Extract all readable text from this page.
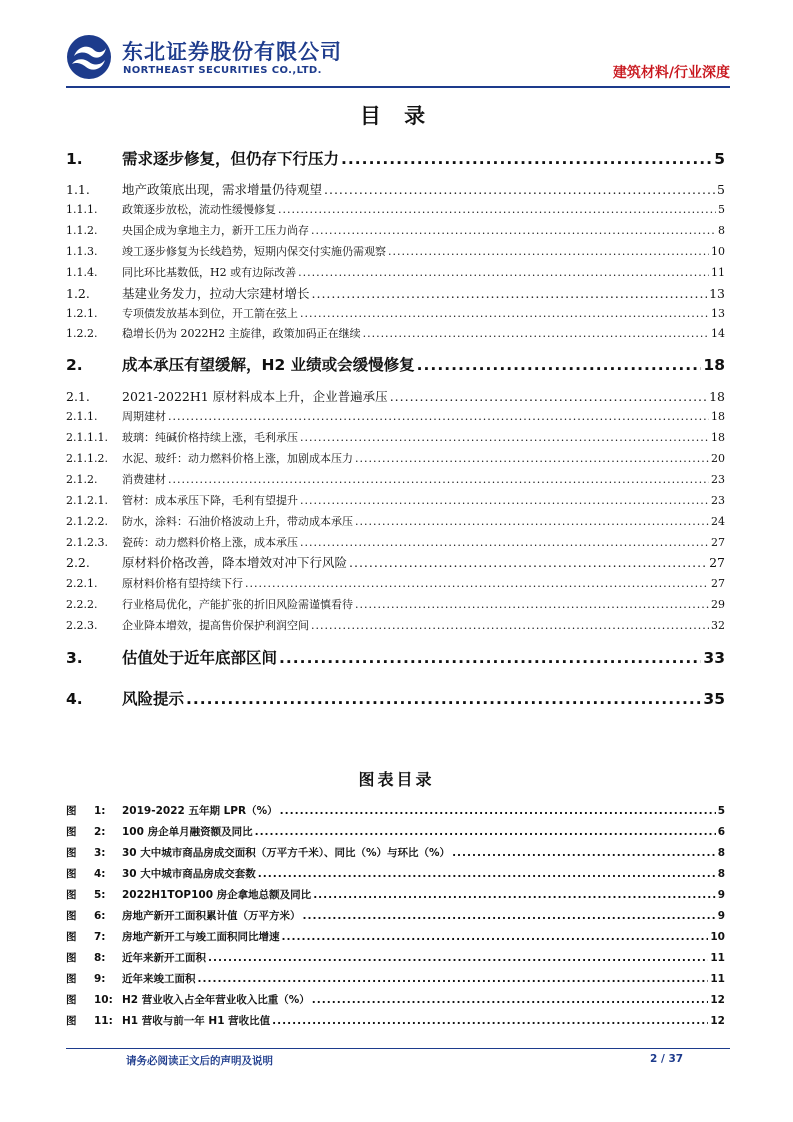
东北证券股份有限公司
NORTHEAST SECURITIES CO.,LTD.	建筑材料/行业深度
目 录
1.	需求逐步修复，但仍存下行压力 .....	5
1.1.	地产政策底出现，需求增量仍待观望 .....	5
1.1.1.	政策逐步放松，流动性缓慢修复 .....	5
1.1.2.	央国企成为拿地主力，新开工压力尚存 .....	8
1.1.3.	竣工逐步修复为长线趋势，短期内保交付实施仍需观察 .....	10
1.1.4.	同比环比基数低，H2 或有边际改善 .....	11
1.2.	基建业务发力，拉动大宗建材增长 .....	13
1.2.1.	专项债发放基本到位，开工箭在弦上 .....	13
1.2.2.	稳增长仍为 2022H2 主旋律，政策加码正在继续 .....	14
2.	成本承压有望缓解，H2 业绩或会缓慢修复 .....	18
2.1.	2021-2022H1 原材料成本上升，企业普遍承压 .....	18
2.1.1.	周期建材 .....	18
2.1.1.1.	玻璃：纯碱价格持续上涨，毛利承压 .....	18
2.1.1.2.	水泥、玻纤：动力燃料价格上涨，加剧成本压力 .....	20
2.1.2.	消费建材 .....	23
2.1.2.1.	管材：成本承压下降，毛利有望提升 .....	23
2.1.2.2.	防水，涂料：石油价格波动上升，带动成本承压 .....	24
2.1.2.3.	瓷砖：动力燃料价格上涨，成本承压 .....	27
2.2.	原材料价格改善，降本增效对冲下行风险 .....	27
2.2.1.	原材料价格有望持续下行 .....	27
2.2.2.	行业格局优化，产能扩张的折旧风险需谨慎看待 .....	29
2.2.3.	企业降本增效，提高售价保护利润空间 .....	32
3.	估值处于近年底部区间 .....	33
4.	风险提示 .....	35
图表目录
图	1:	2019-2022 五年期 LPR（%） .....	5
图	2:	100 房企单月融资额及同比 .....	6
图	3:	30 大中城市商品房成交面积（万平方千米）、同比（%）与环比（%） .....	8
图	4:	30 大中城市商品房成交套数 .....	8
图	5:	2022H1TOP100 房企拿地总额及同比 .....	9
图	6:	房地产新开工面积累计值（万平方米） .....	9
图	7:	房地产新开工与竣工面积同比增速 .....	10
图	8:	近年来新开工面积 .....	11
图	9:	近年来竣工面积 .....	11
图	10: H2 营业收入占全年营业收入比重（%） .....	12
图	11: H1 营收与前一年 H1 营收比值 .....	12
请务必阅读正文后的声明及说明	2 / 37
